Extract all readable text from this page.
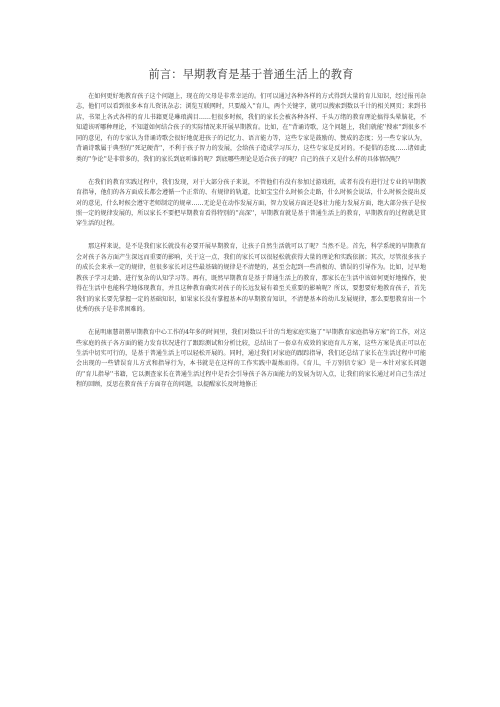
前言：早期教育是基于普通生活上的教育

在如何更好地教育孩子这个问题上，现在的父母是非常幸运的。们可以通过各种各样的方式得到大量的育儿知识，经过报刊杂志，他们可以看到很多本育儿资讯杂志；浏览互联网时，只要敲入''育儿，两个关键字，就可以搜索到数以千计的相关网页；来到书店，书架上各式各样的育儿书籍更是琳琅满目……但很多时候，我们的家长会被各种各样、千头万绪的教育理论搞得头晕脑花，不知道该听哪种理论，不知道如何结合孩子的实际情况来开展早期教育。比如，在''背诵诗歌，这个问题上，我们就能''搜索''到很多不同的意见，有的专家认为背诵诗歌会很好地促进孩子的记忆力、语言能力等，这些专家是鼓励的、赞成的态度；另一些专家认为，背诵诗歌属于典型的''死记硬背''，不利于孩子智力的发展，会给孩子造成学习压力，这些专家是反对的。不提倡的态度……诸如此类的''争论''是非常多的，我们的家长到底听谁的呢？到底哪些理论是适合孩子的呢？自己的孩子又是什么样的具体情况呢？

在我们的教育实践过程中，我们发现，对于大部分孩子来说，不管他们有没有参加过游戏班，或者有没有进行过专业的早期教育指导，他们的各方面成长都会遵循一个正常的、有规律的轨道，比如宝宝什么时候会走路，什么时候会说话，什么时候会提出反对的意见，什么时候会遵守老师制定的规章……无论是在动作发展方面，智力发展方面还是$社力能力发展方面，绝大部分孩子是按照一定的规律发展的，所以家长不要把早期教育看得特别的''高深''，早期教育就是基于普通生活上的教育，早期教育的过程就是贯穿生活的过程。

那这样来说，是不是我们家长就没有必要开展早期教育，让孩子自然生活就可以了呢？当然不是。首先，科学系统的早期教育会对孩子各方面产生深远而重要的影响，关于这一点，我们的家长可以很轻松就获得大量的理论和实践依据；其次，尽管很多孩子的成长会来承一定的规律，但很多家长对这些最基础的规律是不清楚的，甚至会起到一些消极的、错误的引导作为。比如，过早地教孩子学习走路、进行复杂的认知学习等。再有，既然早期教育是基于普通生活上的教育，那家长在生活中该如何更好地操作，使得在生活中也能科学地体现教育，并且这种教育确实对孩子的长远发展有着至关重要的影响呢？所以，要想要好地教育孩子，首先我们的家长要先掌握一定的基础知识，如果家长没有掌握基本的早期教育知识，不清楚基本的幼儿发展规律，那么要想教育出一个优秀的孩子是非常困难的。

在昆明康慧胡罂早期教育中心工作的4年多的时间里，我们对数以千计的当地家庭实施了''早期教育家庭指导方案''的工作，对这些家庭的孩子各方面的能力发育状况进行了跟踪测试和分析比较，总结出了一套卓有成效的家庭育儿方案，这些方案是真正可以在生活中切实可行的，是基于普通生活上可以轻松开展的。同时，通过我们对家庭的跟踪指导，我们还总结了家长在生活过程中可能会出现的一些错误育儿方式和指导行为，本书就是在这样的工作实践中凝炼而得。《育儿，千万别信专家》是一本针对家长问题的''育儿指导''书籍，它以测查家长在普通生活过程中是否会引导孩子各方面能力的发展为切入点，让我们的家长通过对自己生活过程的回顾，反思在教育孩子方面存在的问题，以提醒家长及时地修正
